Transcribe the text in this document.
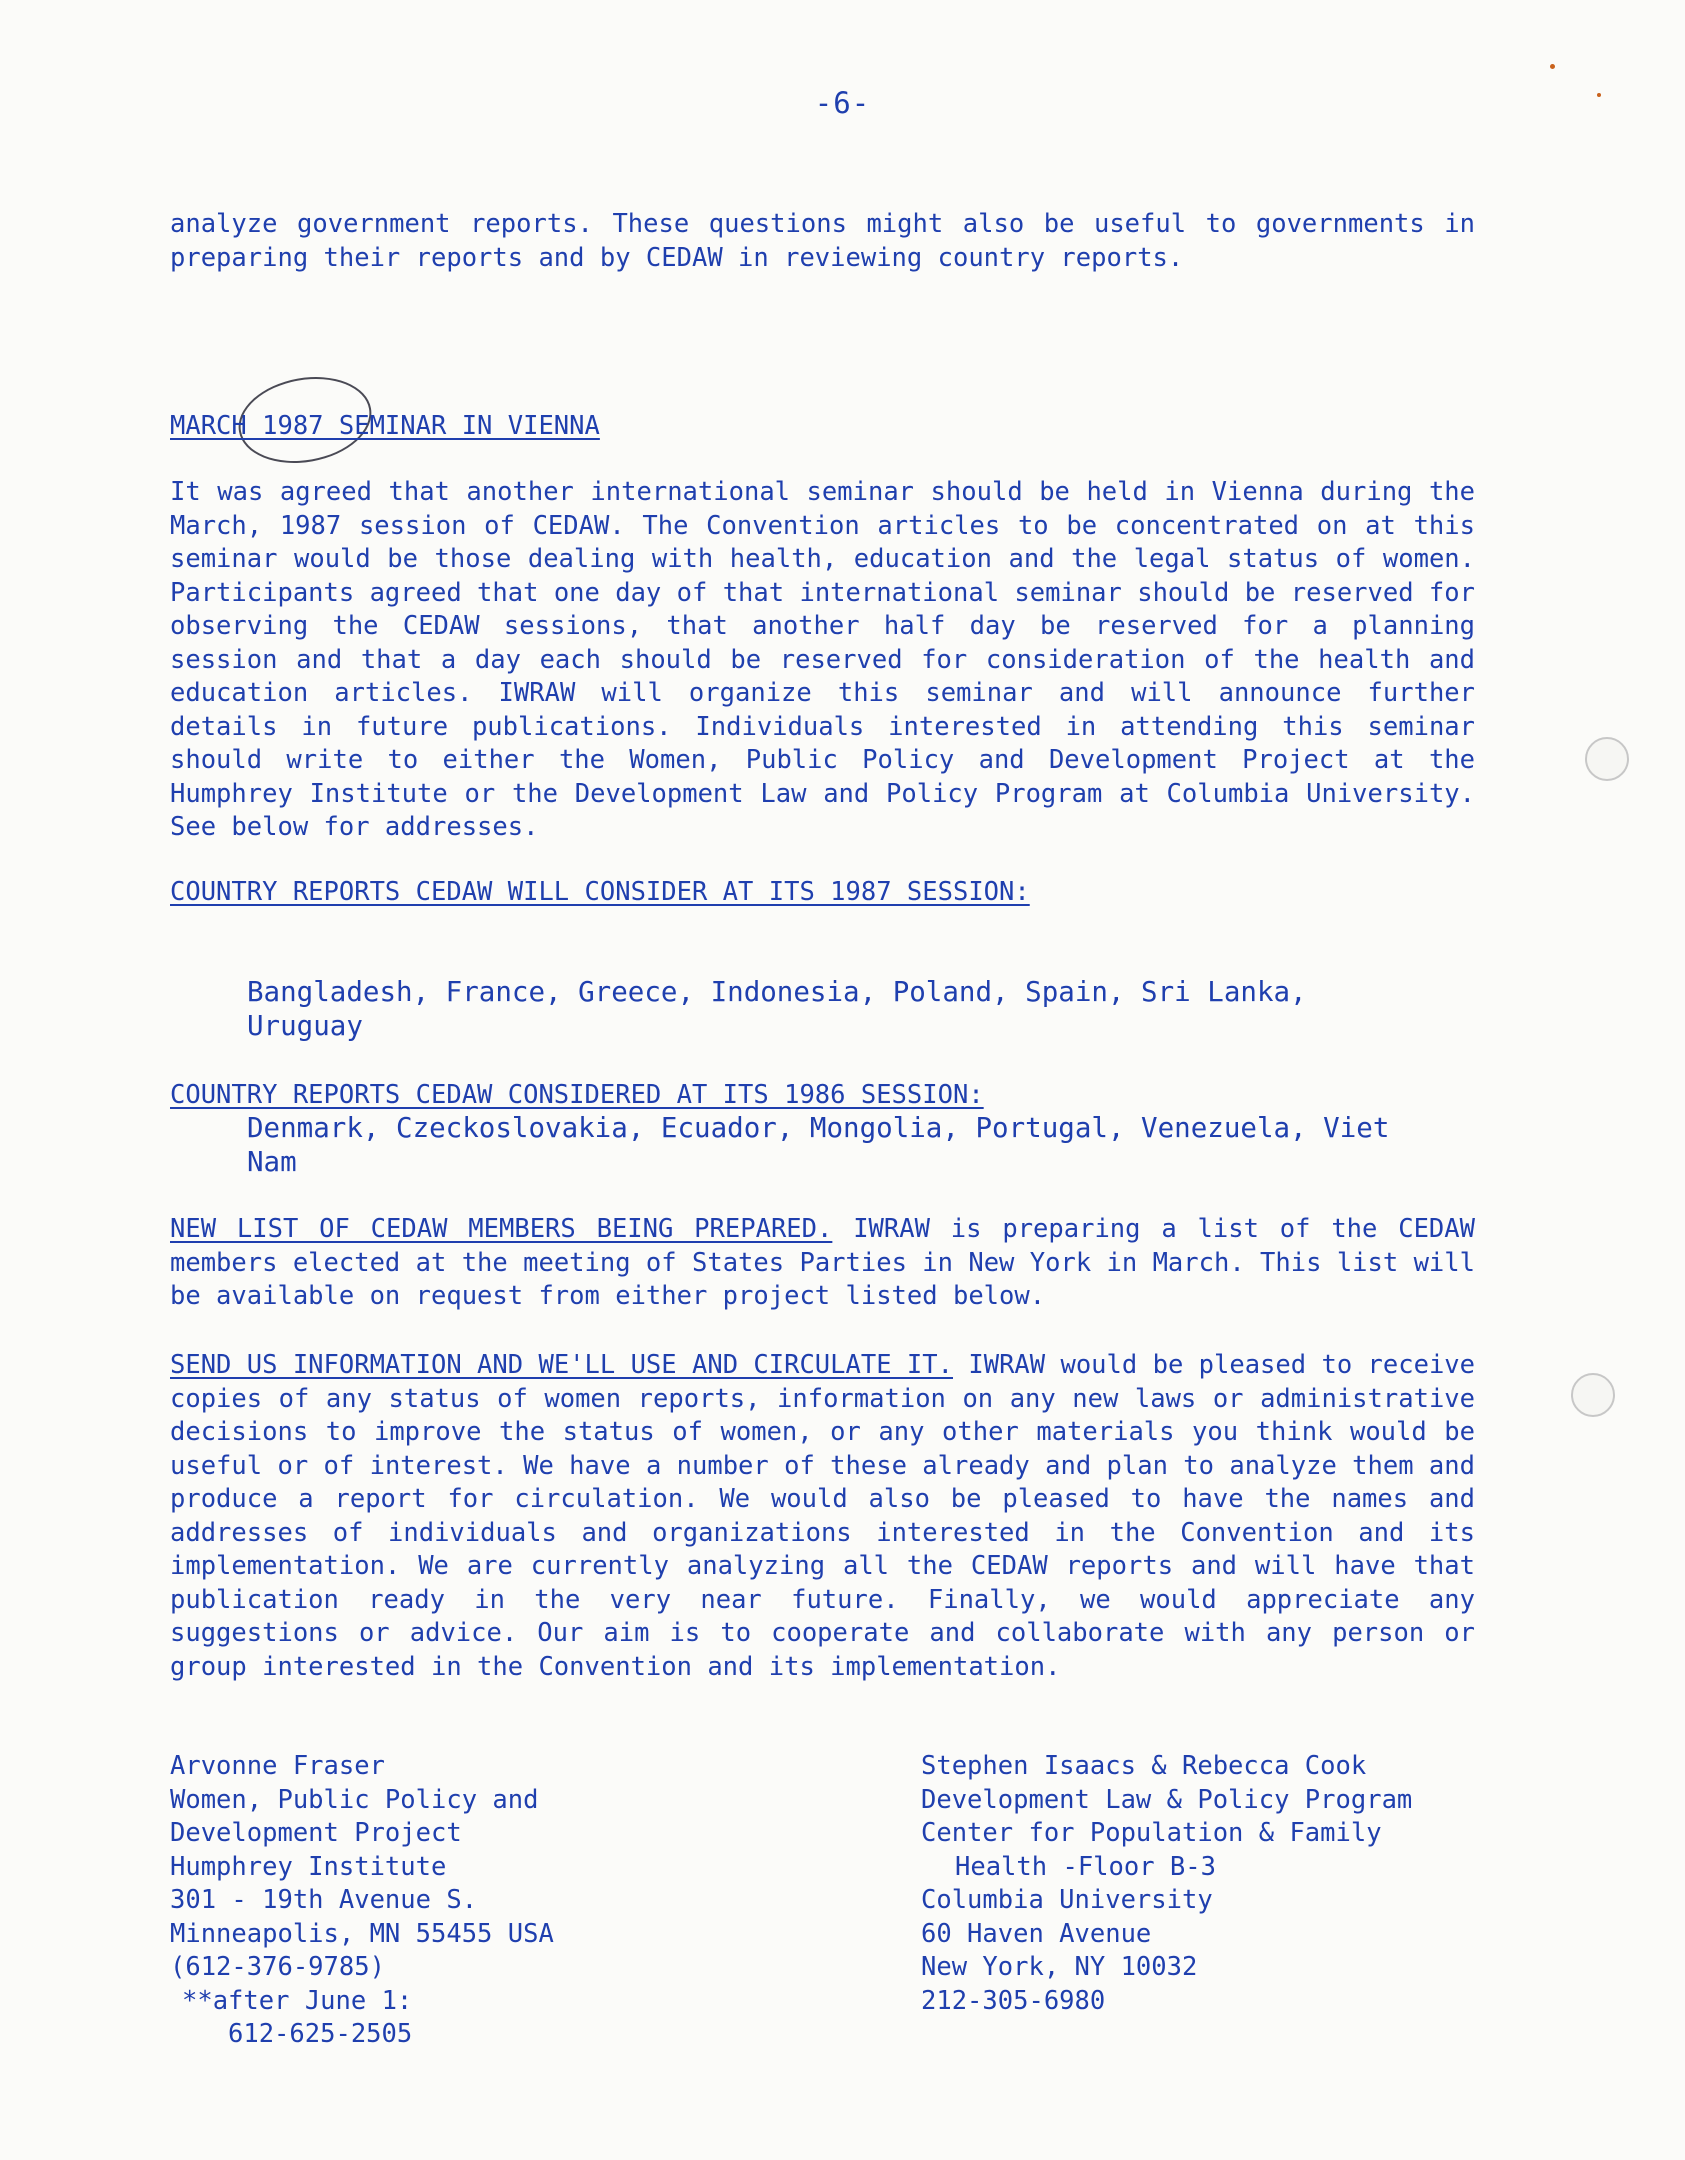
-6-

analyze government reports. These questions might also be useful to governments in preparing their reports and by CEDAW in reviewing country reports.

MARCH 1987 SEMINAR IN VIENNA

It was agreed that another international seminar should be held in Vienna during the March, 1987 session of CEDAW. The Convention articles to be concentrated on at this seminar would be those dealing with health, education and the legal status of women. Participants agreed that one day of that international seminar should be reserved for observing the CEDAW sessions, that another half day be reserved for a planning session and that a day each should be reserved for consideration of the health and education articles. IWRAW will organize this seminar and will announce further details in future publications. Individuals interested in attending this seminar should write to either the Women, Public Policy and Development Project at the Humphrey Institute or the Development Law and Policy Program at Columbia University. See below for addresses.

COUNTRY REPORTS CEDAW WILL CONSIDER AT ITS 1987 SESSION:

Bangladesh, France, Greece, Indonesia, Poland, Spain, Sri Lanka, Uruguay

COUNTRY REPORTS CEDAW CONSIDERED AT ITS 1986 SESSION:

Denmark, Czeckoslovakia, Ecuador, Mongolia, Portugal, Venezuela, Viet Nam

NEW LIST OF CEDAW MEMBERS BEING PREPARED. IWRAW is preparing a list of the CEDAW members elected at the meeting of States Parties in New York in March. This list will be available on request from either project listed below.

SEND US INFORMATION AND WE'LL USE AND CIRCULATE IT. IWRAW would be pleased to receive copies of any status of women reports, information on any new laws or administrative decisions to improve the status of women, or any other materials you think would be useful or of interest. We have a number of these already and plan to analyze them and produce a report for circulation. We would also be pleased to have the names and addresses of individuals and organizations interested in the Convention and its implementation. We are currently analyzing all the CEDAW reports and will have that publication ready in the very near future. Finally, we would appreciate any suggestions or advice. Our aim is to cooperate and collaborate with any person or group interested in the Convention and its implementation.

Arvonne Fraser
Women, Public Policy and
Development Project
Humphrey Institute
301 - 19th Avenue S.
Minneapolis, MN 55455 USA
(612-376-9785)
**after June 1:
612-625-2505
Stephen Isaacs & Rebecca Cook
Development Law & Policy Program
Center for Population & Family
Health -Floor B-3
Columbia University
60 Haven Avenue
New York, NY 10032
212-305-6980
